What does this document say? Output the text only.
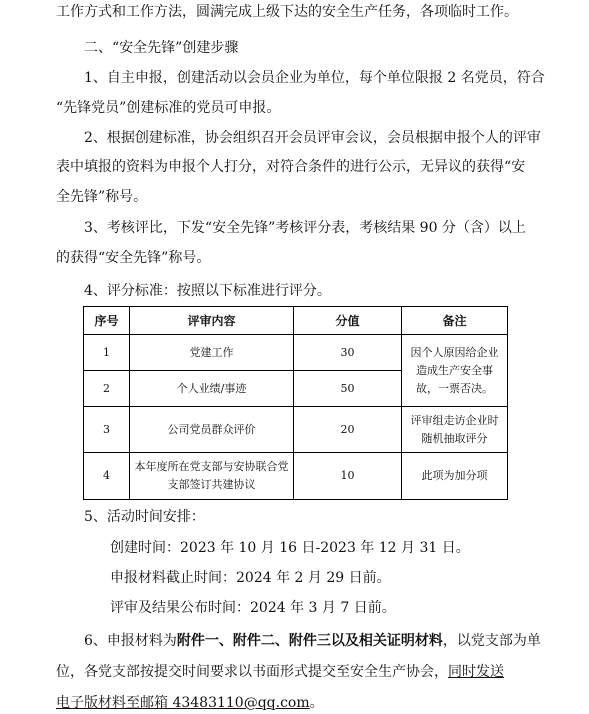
工作方式和工作方法，圆满完成上级下达的安全生产任务，各项临时工作。
二、“安全先锋”创建步骤
1、自主申报，创建活动以会员企业为单位，每个单位限报 2 名党员，符合
“先锋党员”创建标准的党员可申报。
2、根据创建标准，协会组织召开会员评审会议，会员根据申报个人的评审
表中填报的资料为申报个人打分，对符合条件的进行公示，无异议的获得“安
全先锋”称号。
3、考核评比，下发“安全先锋”考核评分表，考核结果 90 分（含）以上
的获得“安全先锋”称号。
4、评分标准：按照以下标准进行评分。
序号	评审内容	分值	备注
1	党建工作	30	因个人原因给企业造成生产安全事故，一票否决。
2	个人业绩/事迹	50	
3	公司党员群众评价	20	评审组走访企业时随机抽取评分
4	本年度所在党支部与安协联合党支部签订共建协议	10	此项为加分项
5、活动时间安排：
创建时间：2023 年 10 月 16 日-2023 年 12 月 31 日。
申报材料截止时间：2024 年 2 月 29 日前。
评审及结果公布时间：2024 年 3 月 7 日前。
6、申报材料为附件一、附件二、附件三以及相关证明材料，以党支部为单
位，各党支部按提交时间要求以书面形式提交至安全生产协会，同时发送
电子版材料至邮箱 43483110@qq.com。
